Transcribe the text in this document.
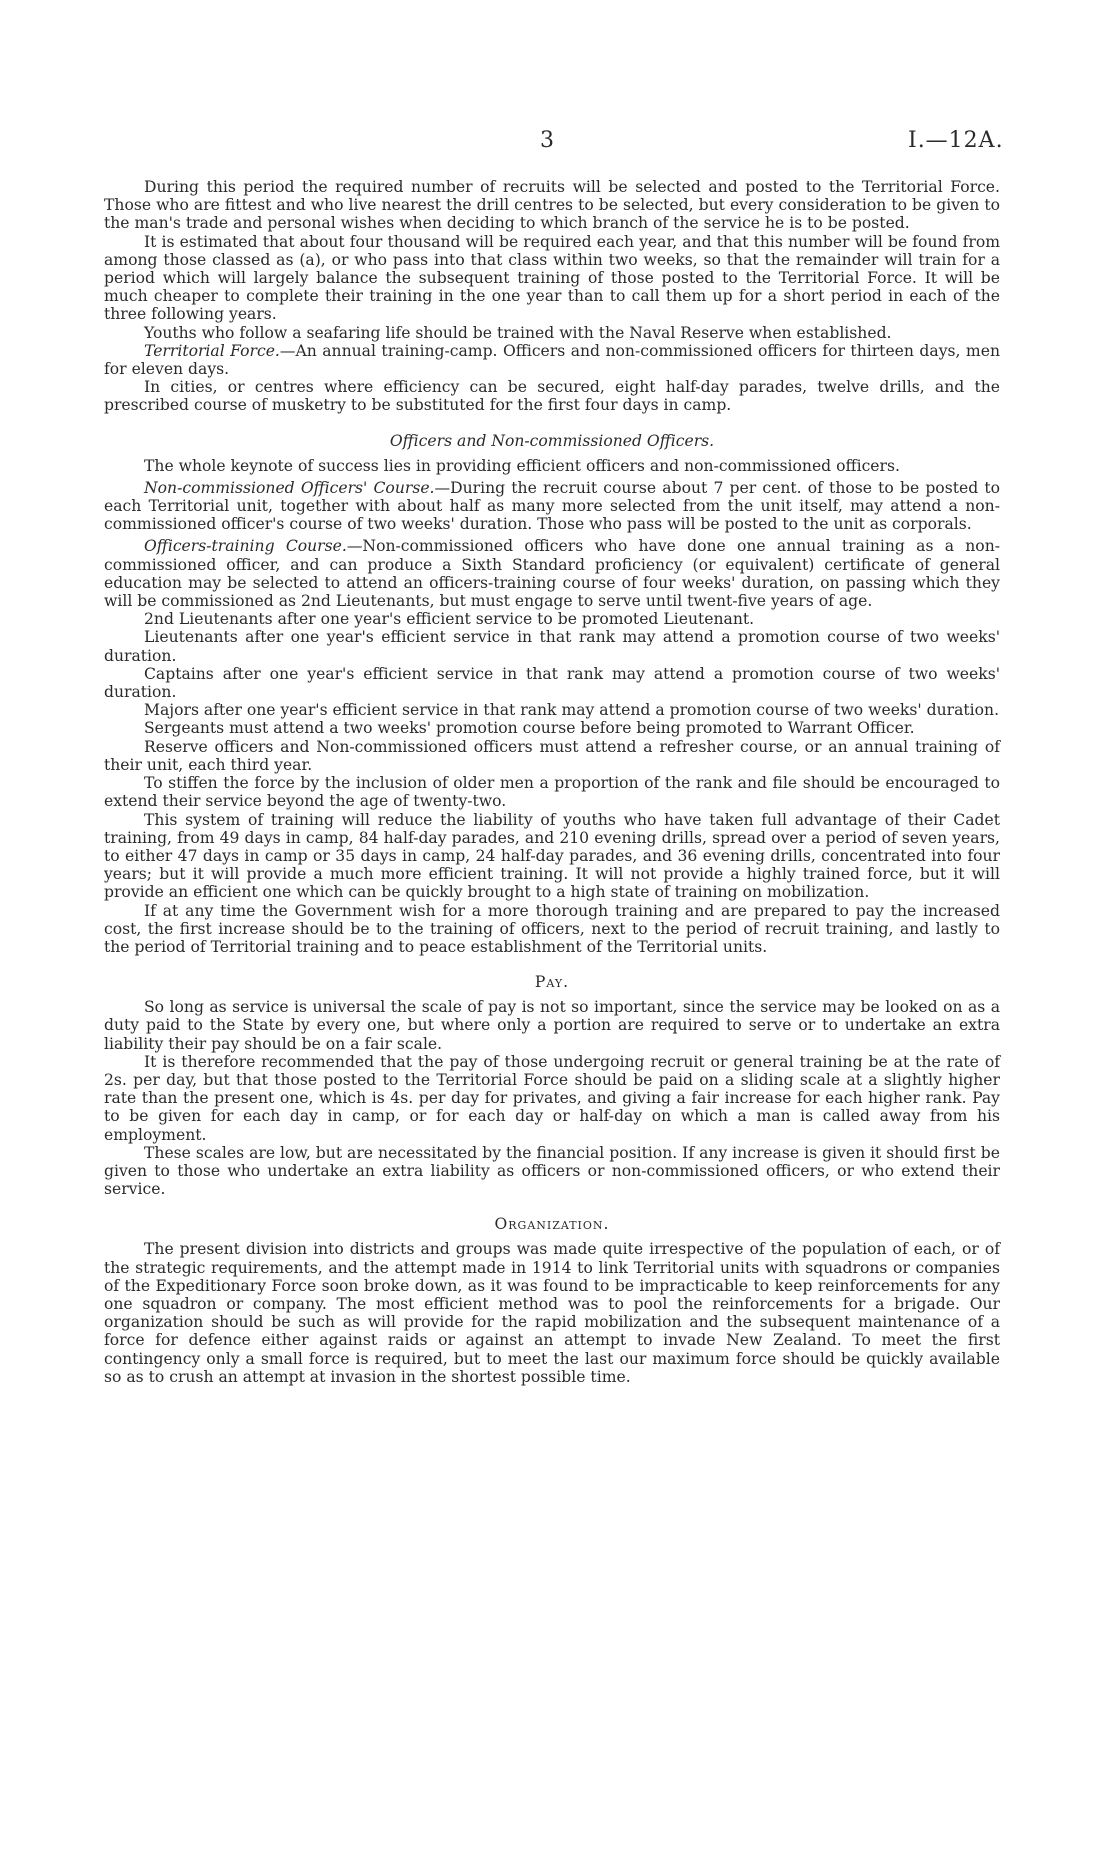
3	I.—12A.

During this period the required number of recruits will be selected and posted to the Territorial Force. Those who are fittest and who live nearest the drill centres to be selected, but every consideration to be given to the man's trade and personal wishes when deciding to which branch of the service he is to be posted.

It is estimated that about four thousand will be required each year, and that this number will be found from among those classed as (a), or who pass into that class within two weeks, so that the remainder will train for a period which will largely balance the subsequent training of those posted to the Territorial Force. It will be much cheaper to complete their training in the one year than to call them up for a short period in each of the three following years.

Youths who follow a seafaring life should be trained with the Naval Reserve when established.

Territorial Force.—An annual training-camp. Officers and non-commissioned officers for thirteen days, men for eleven days.

In cities, or centres where efficiency can be secured, eight half-day parades, twelve drills, and the prescribed course of musketry to be substituted for the first four days in camp.

Officers and Non-commissioned Officers.

The whole keynote of success lies in providing efficient officers and non-commissioned officers.

Non-commissioned Officers' Course.—During the recruit course about 7 per cent. of those to be posted to each Territorial unit, together with about half as many more selected from the unit itself, may attend a non-commissioned officer's course of two weeks' duration. Those who pass will be posted to the unit as corporals.

Officers-training Course.—Non-commissioned officers who have done one annual training as a non-commissioned officer, and can produce a Sixth Standard proficiency (or equivalent) certificate of general education may be selected to attend an officers-training course of four weeks' duration, on passing which they will be commissioned as 2nd Lieutenants, but must engage to serve until twent-five years of age.

2nd Lieutenants after one year's efficient service to be promoted Lieutenant.

Lieutenants after one year's efficient service in that rank may attend a promotion course of two weeks' duration.

Captains after one year's efficient service in that rank may attend a promotion course of two weeks' duration.

Majors after one year's efficient service in that rank may attend a promotion course of two weeks' duration.

Sergeants must attend a two weeks' promotion course before being promoted to Warrant Officer.

Reserve officers and Non-commissioned officers must attend a refresher course, or an annual training of their unit, each third year.

To stiffen the force by the inclusion of older men a proportion of the rank and file should be encouraged to extend their service beyond the age of twenty-two.

This system of training will reduce the liability of youths who have taken full advantage of their Cadet training, from 49 days in camp, 84 half-day parades, and 210 evening drills, spread over a period of seven years, to either 47 days in camp or 35 days in camp, 24 half-day parades, and 36 evening drills, concentrated into four years; but it will provide a much more efficient training. It will not provide a highly trained force, but it will provide an efficient one which can be quickly brought to a high state of training on mobilization.

If at any time the Government wish for a more thorough training and are prepared to pay the increased cost, the first increase should be to the training of officers, next to the period of recruit training, and lastly to the period of Territorial training and to peace establishment of the Territorial units.

Pay.

So long as service is universal the scale of pay is not so important, since the service may be looked on as a duty paid to the State by every one, but where only a portion are required to serve or to undertake an extra liability their pay should be on a fair scale.

It is therefore recommended that the pay of those undergoing recruit or general training be at the rate of 2s. per day, but that those posted to the Territorial Force should be paid on a sliding scale at a slightly higher rate than the present one, which is 4s. per day for privates, and giving a fair increase for each higher rank. Pay to be given for each day in camp, or for each day or half-day on which a man is called away from his employment.

These scales are low, but are necessitated by the financial position. If any increase is given it should first be given to those who undertake an extra liability as officers or non-commissioned officers, or who extend their service.

Organization.

The present division into districts and groups was made quite irrespective of the population of each, or of the strategic requirements, and the attempt made in 1914 to link Territorial units with squadrons or companies of the Expeditionary Force soon broke down, as it was found to be impracticable to keep reinforcements for any one squadron or company. The most efficient method was to pool the reinforcements for a brigade. Our organization should be such as will provide for the rapid mobilization and the subsequent maintenance of a force for defence either against raids or against an attempt to invade New Zealand. To meet the first contingency only a small force is required, but to meet the last our maximum force should be quickly available so as to crush an attempt at invasion in the shortest possible time.
